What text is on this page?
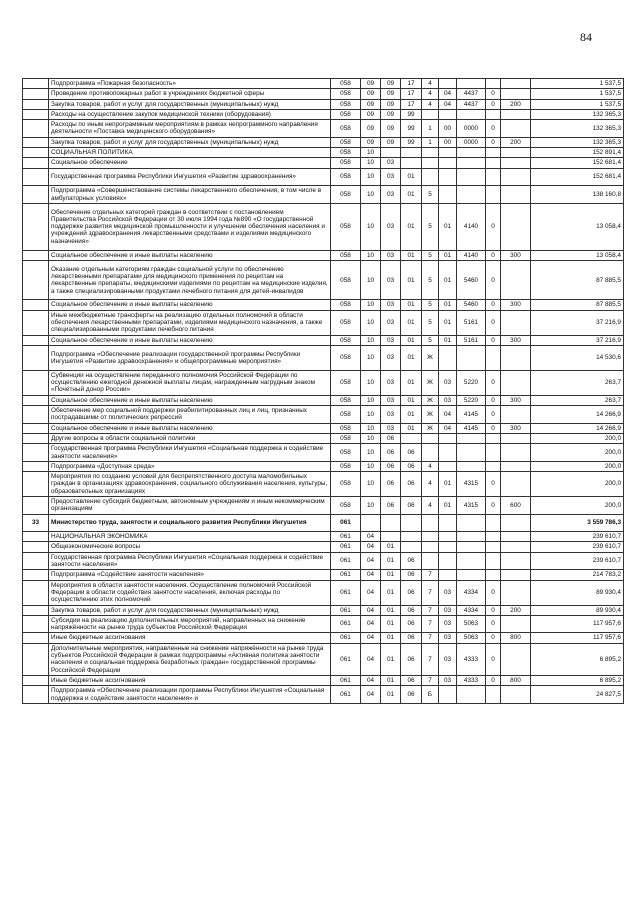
84
	Подпрограмма «Пожарная безопасность»	058	09	09	17	4					1 537,5
	Проведение противопожарных работ в учреждениях бюджетной сферы	058	09	09	17	4	04	4437	0		1 537,5
	Закупка товаров, работ и услуг для государственных (муниципальных) нужд	058	09	09	17	4	04	4437	0	200	1 537,5
	Расходы на осуществление закупок медицинской техники (оборудования)	058	09	09	99						132 365,3
	Расходы по иным непрограммным мероприятиям в рамках непрограммного направления деятельности «Поставка медицинского оборудования»	058	09	09	99	1	00	0000	0		132 365,3
	Закупка товаров, работ и услуг для государственных (муниципальных) нужд	058	09	09	99	1	00	0000	0	200	132 365,3
	СОЦИАЛЬНАЯ ПОЛИТИКА	058	10								152 891,4
	Социальное обеспечение	058	10	03							152 681,4
	Государственная программа Республики Ингушетия «Развитие здравоохранения»	058	10	03	01						152 681,4
	Подпрограмма «Совершенствование системы лекарственного обеспечения, в том числе в амбулаторных условиях»	058	10	03	01	5					138 160,8
	Обеспечение отдельных категорий граждан в соответствии с постановлением Правительства Российской Федерации от 30 июля 1994 года №890 «О государственной поддержке развития медицинской промышленности и улучшении обеспечения населения и учреждений здравоохранения лекарственными средствами и изделиями медицинского назначения»	058	10	03	01	5	01	4140	0		13 058,4
	Социальное обеспечение и иные выплаты населению	058	10	03	01	5	01	4140	0	300	13 058,4
	Оказание отдельным категориям граждан социальной услуги по обеспечению лекарственными препаратами для медицинского применения по рецептам на лекарственные препараты, медицинскими изделиями по рецептам на медицинские изделия, а также специализированными продуктами лечебного питания для детей-инвалидов	058	10	03	01	5	01	5460	0		87 885,5
	Социальное обеспечение и иные выплаты населению	058	10	03	01	5	01	5460	0	300	87 885,5
	Иные межбюджетные трансферты на реализацию отдельных полномочий в области обеспечения лекарственными препаратами, изделиями медицинского назначения, а также специализированными продуктами лечебного питания	058	10	03	01	5	01	5161	0		37 216,9
	Социальное обеспечение и иные выплаты населению	058	10	03	01	5	01	5161	0	300	37 216,9
	Подпрограмма «Обеспечение реализации государственной программы Республики Ингушетия «Развитие здравоохранения» и общепрограммные мероприятия»	058	10	03	01	Ж					14 530,6
	Субвенции на осуществление переданного полномочия Российской Федерации по осуществлению ежегодной денежной выплаты лицам, награжденным нагрудным знаком «Почётный донор России»	058	10	03	01	Ж	03	5220	0		263,7
	Социальное обеспечение и иные выплаты населению	058	10	03	01	Ж	03	5220	0	300	263,7
	Обеспечение мер социальной поддержки реабилитированных лиц и лиц, признанных пострадавшими от политических репрессий	058	10	03	01	Ж	04	4145	0		14 266,9
	Социальное обеспечение и иные выплаты населению	058	10	03	01	Ж	04	4145	0	300	14 266,9
	Другие вопросы в области социальной политики	058	10	06							200,0
	Государственная программа Республики Ингушетия «Социальная поддержка и содействие занятости населения»	058	10	06	06						200,0
	Подпрограмма «Доступная среда»	058	10	06	06	4					200,0
	Мероприятия по созданию условий для беспрепятственного доступа маломобильных граждан в организациях здравоохранения, социального обслуживания населения, культуры, образовательных организациях	058	10	06	06	4	01	4315	0		200,0
	Предоставление субсидий бюджетным, автономным учреждениям и иным некоммерческим организациям	058	10	06	06	4	01	4315	0	600	200,0
33	Министерство труда, занятости и социального развития Республики Ингушетия	061									3 559 786,3
	НАЦИОНАЛЬНАЯ ЭКОНОМИКА	061	04								239 610,7
	Общеэкономические вопросы	061	04	01							239 610,7
	Государственная программа Республики Ингушетия «Социальная поддержка и содействие занятости населения»	061	04	01	06						239 610,7
	Подпрограмма «Содействие занятости населения»	061	04	01	06	7					214 783,2
	Мероприятия в области занятости населения. Осуществление полномочий Российской Федерации в области содействия занятости населения, включая расходы по осуществлению этих полномочий	061	04	01	06	7	03	4334	0		89 930,4
	Закупка товаров, работ и услуг для государственных (муниципальных) нужд	061	04	01	06	7	03	4334	0	200	89 930,4
	Субсидии на реализацию дополнительных мероприятий, направленных на снижение напряжённости на рынке труда субъектов Российской Федерации	061	04	01	06	7	03	5063	0		117 957,6
	Иные бюджетные ассигнования	061	04	01	06	7	03	5063	0	800	117 957,6
	Дополнительные мероприятия, направленные на снижение напряжённости на рынке труда субъектов Российской Федерации в рамках подпрограммы «Активная политика занятости населения и социальная поддержка безработных граждан» государственной программы Российской Федерации	061	04	01	06	7	03	4333	0		6 895,2
	Иные бюджетные ассигнования	061	04	01	06	7	03	4333	0	800	6 895,2
	Подпрограмма «Обеспечение реализации программы Республики Ингушетия «Социальная поддержка и содействие занятости населения» и	061	04	01	06	Б					24 827,5
